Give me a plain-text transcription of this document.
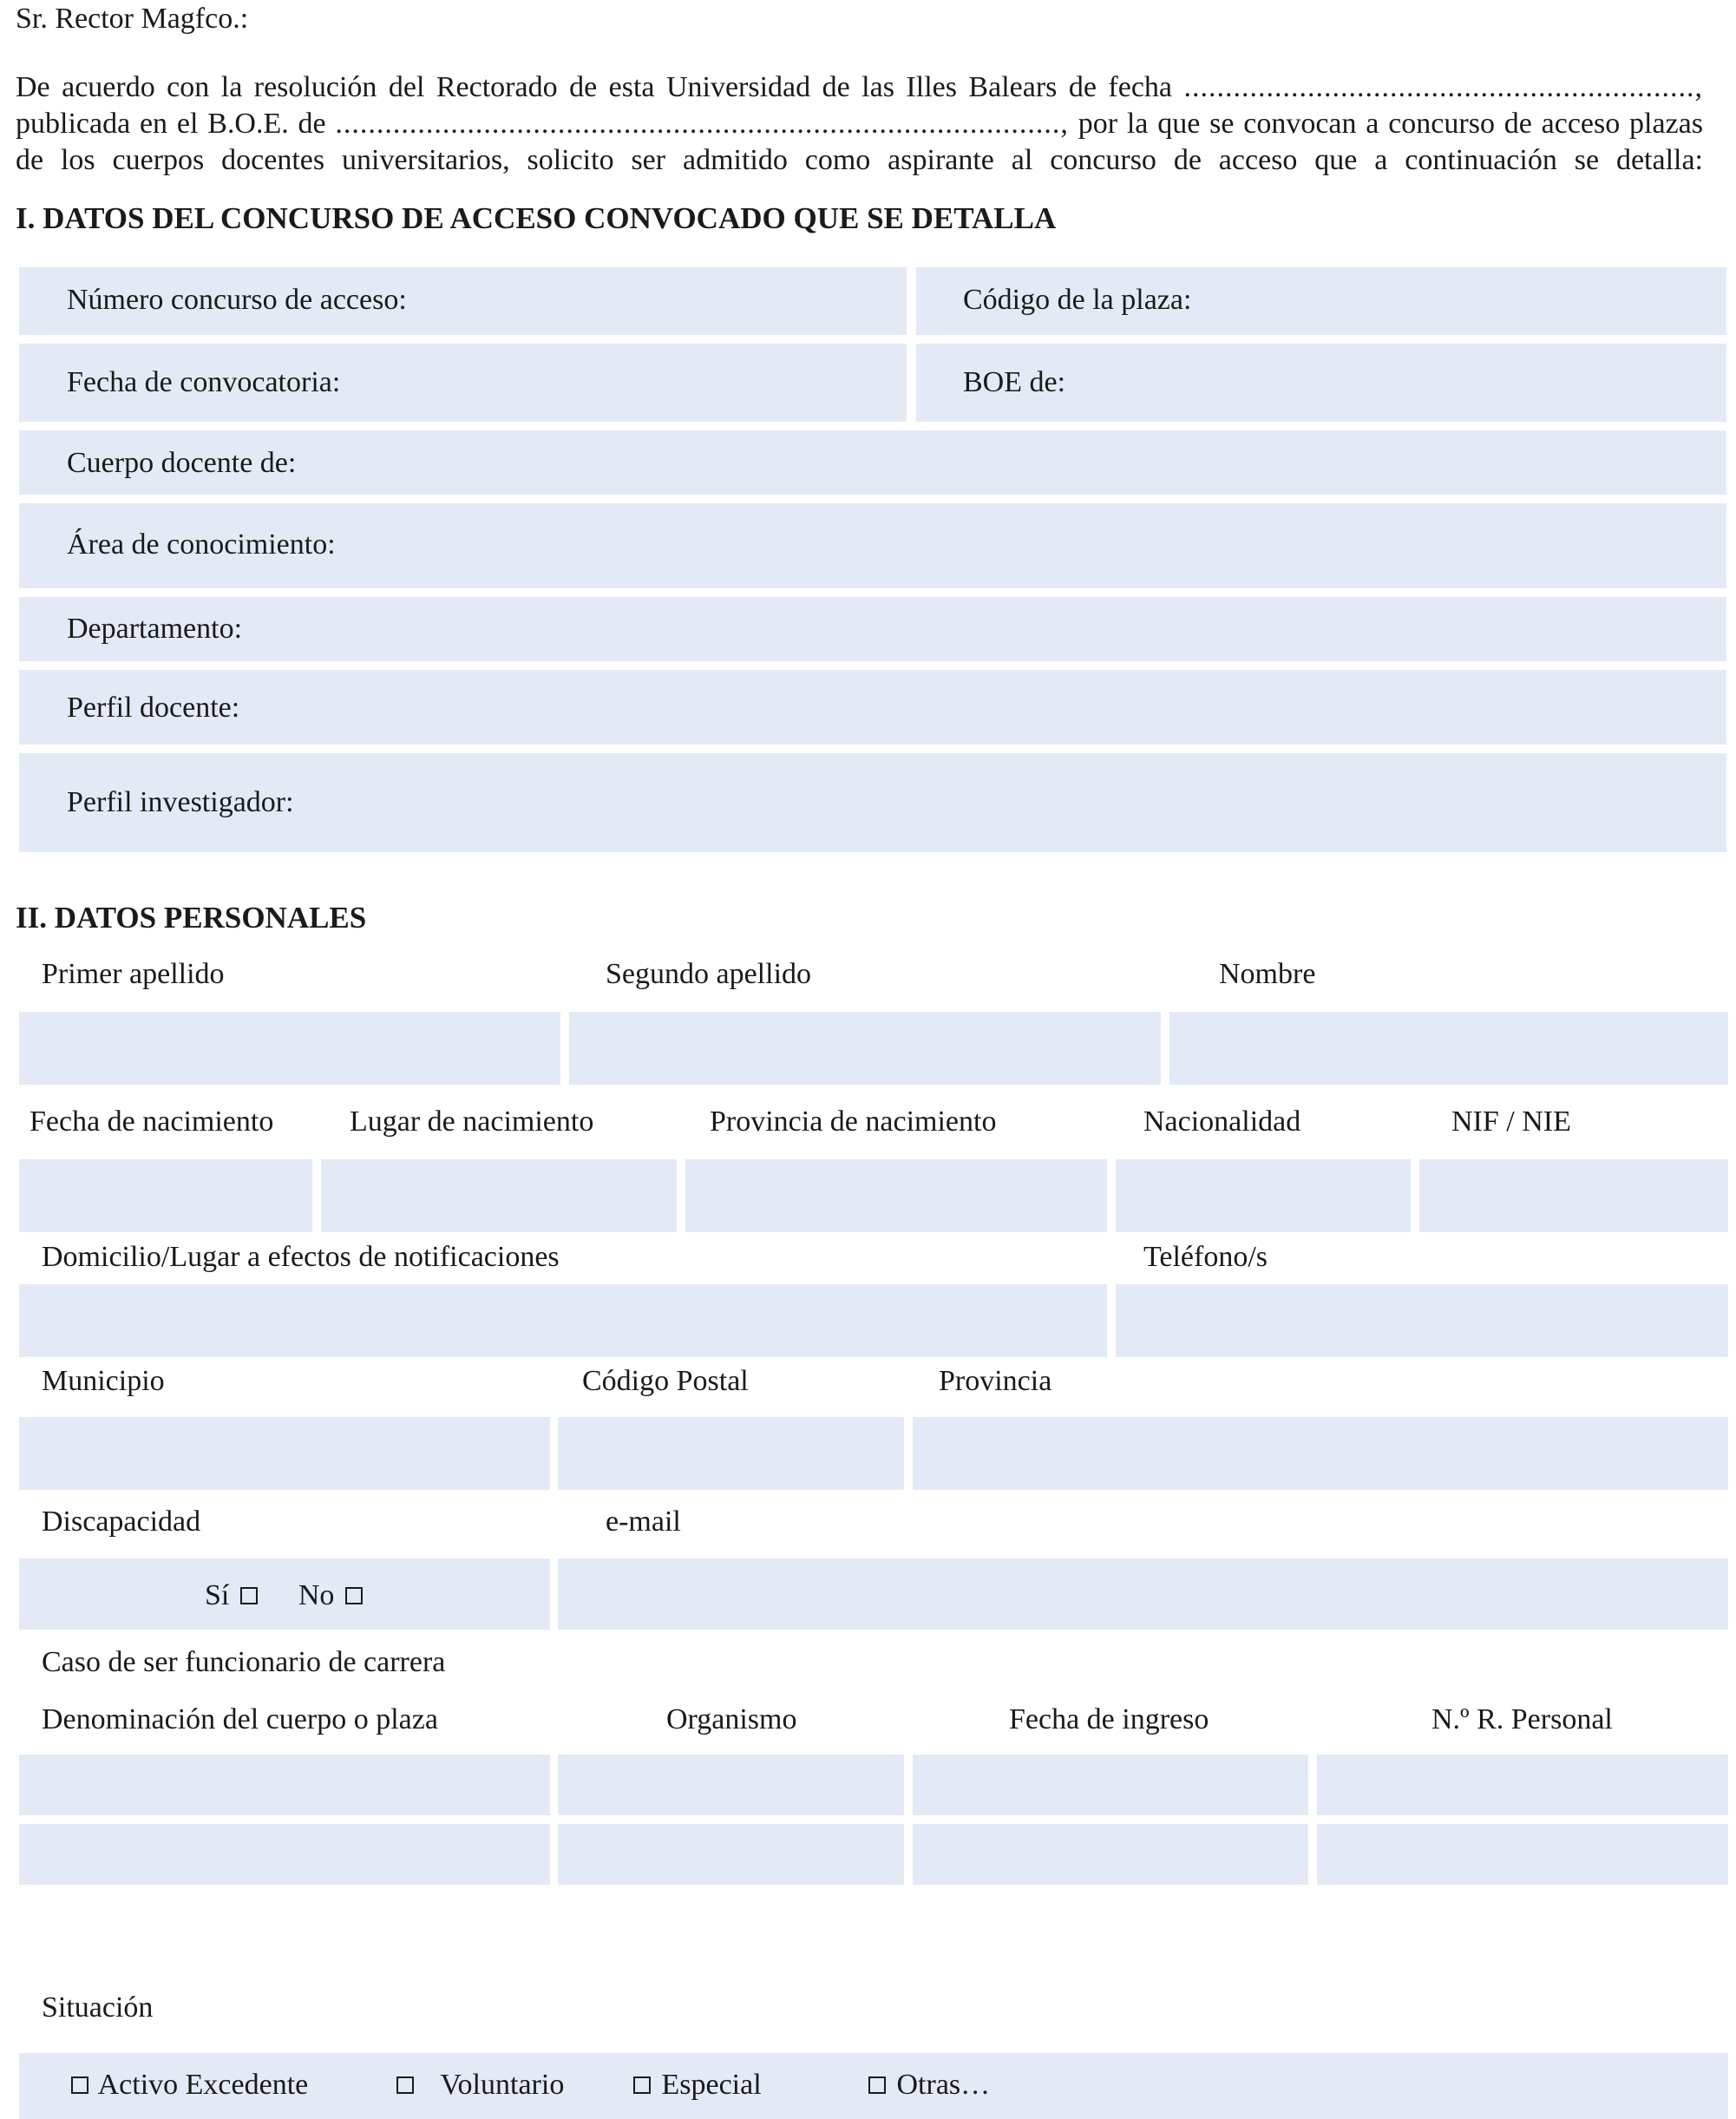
Sr. Rector Magfco.:
De acuerdo con la resolución del Rectorado de esta Universidad de las Illes Balears de fecha ..............................................................,
publicada en el B.O.E. de ........................................................................................, por la que se convocan a concurso de acceso plazas
de los cuerpos docentes universitarios, solicito ser admitido como aspirante al concurso de acceso que a continuación se detalla:
I. DATOS DEL CONCURSO DE ACCESO CONVOCADO QUE SE DETALLA
Número concurso de acceso:	Código de la plaza:
Fecha de convocatoria:	BOE de:
Cuerpo docente de:
Área de conocimiento:
Departamento:
Perfil docente:
Perfil investigador:
II. DATOS PERSONALES
Primer apellido	Segundo apellido	Nombre
Fecha de nacimiento	Lugar de nacimiento	Provincia de nacimiento	Nacionalidad	NIF / NIE
Domicilio/Lugar a efectos de notificaciones	Teléfono/s
Municipio	Código Postal	Provincia
Discapacidad	e-mail
Sí No
Caso de ser funcionario de carrera
Denominación del cuerpo o plaza	Organismo	Fecha de ingreso	N.º R. Personal
Situación
Activo Excedente	Voluntario	Especial	Otras…
